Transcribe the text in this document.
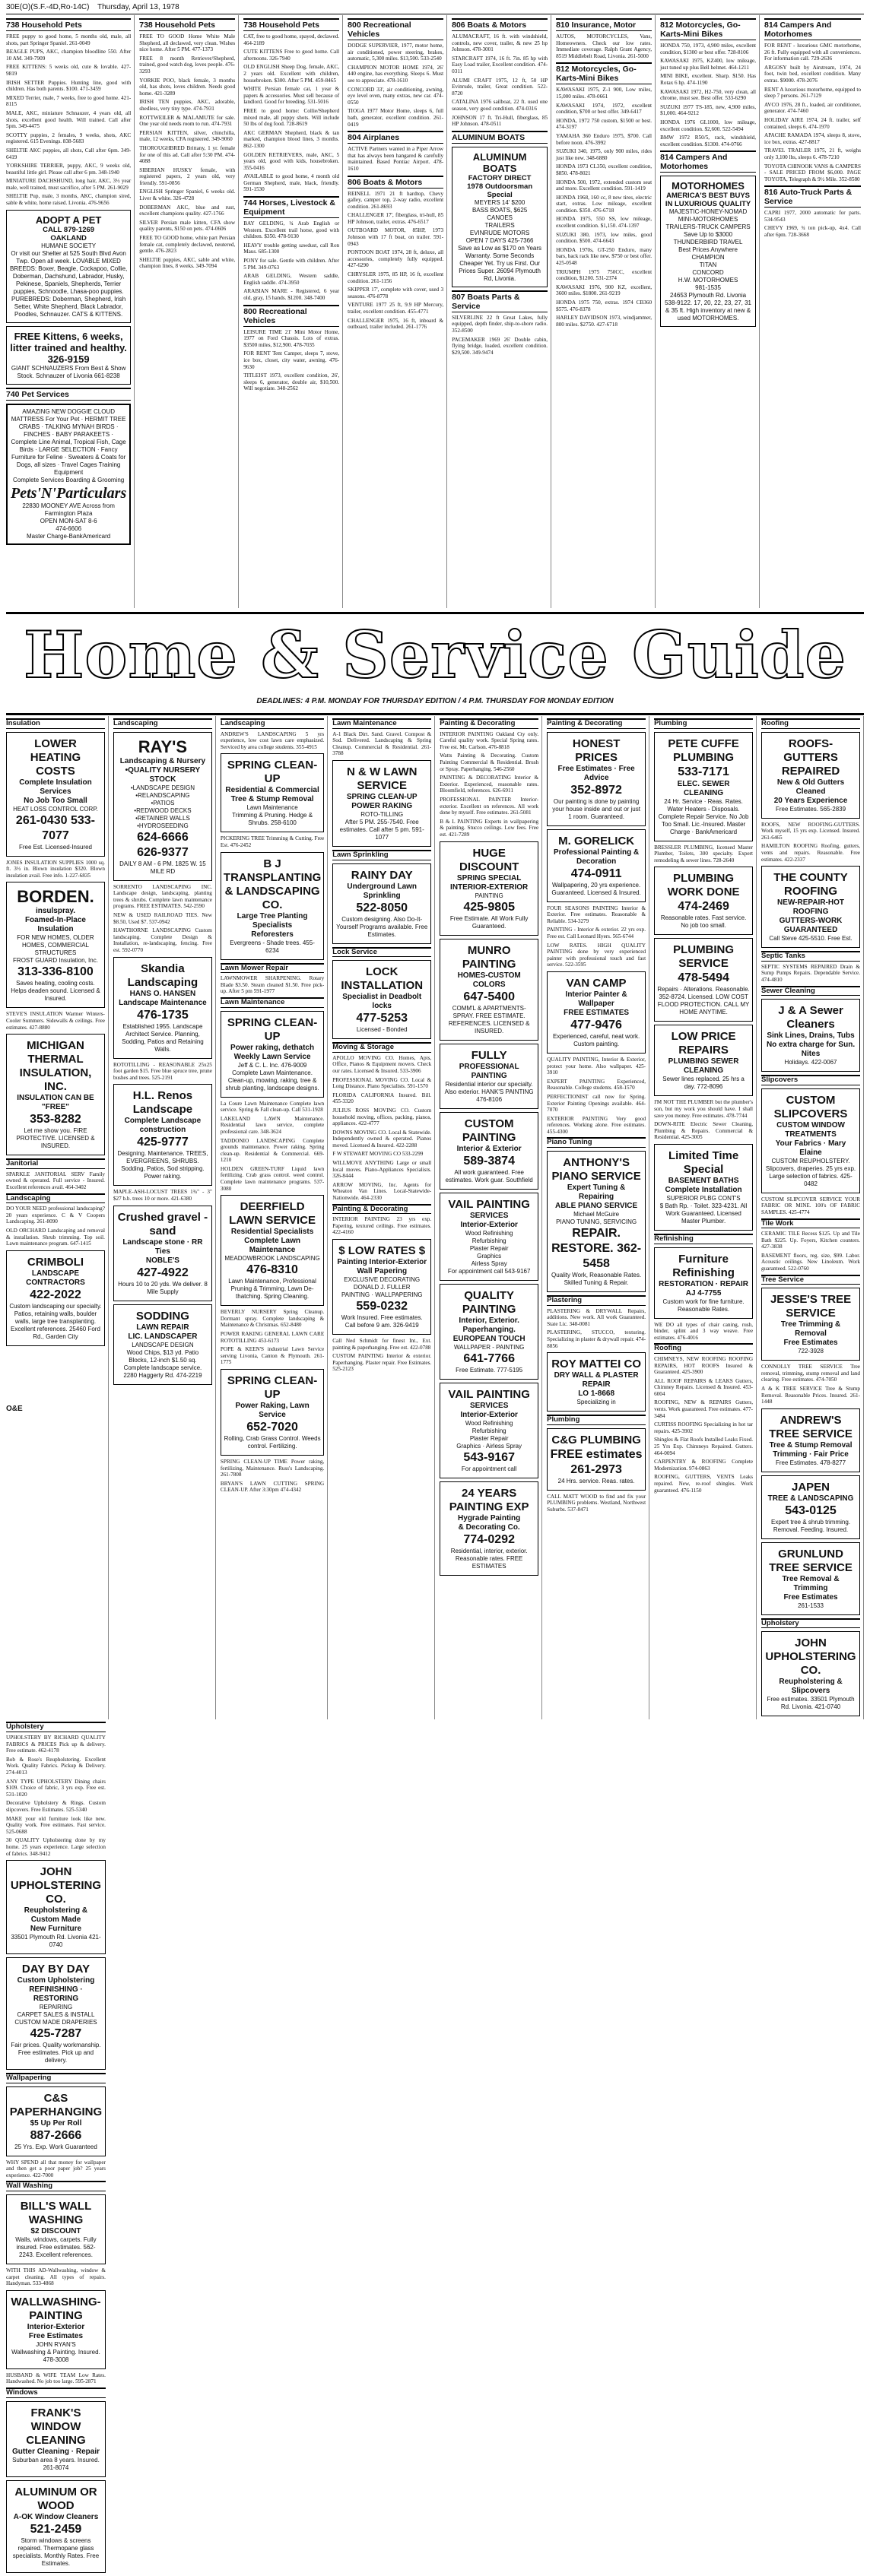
30E(O)(S.F.-4D,Ro-14C) Thursday, April 13, 1978
738 Household Pets
FREE puppy to good home, 5 months old, male, all shots, part Springer Spaniel. 261-0049
BEAGLE PUPS, AKC, champion bloodline 550. After 10 AM. 349-7909
FREE KITTENS: 5 weeks old, cute & lovable. 427-9819
IRISH SETTER Puppies. Hunting line, good with children. Has both parents. $100. 471-3459
MIXED Terrier, male, 7 weeks, free to good home. 421-8115
MALE, AKC, miniature Schnauzer, 4 years old, all shots, excellent good health. Will trained. Call after 5pm. 349-4475
SCOTTY puppies, 2 females, 9 weeks, shots, AKC registered. 615 Evenings. 838-5683
SHELTIE AKC puppies, all shots, Call after 6pm. 349-6419
YORKSHIRE TERRIER, puppy, AKC, 9 weeks old, beautiful little girl. Please call after 6 pm. 348-1940
MINIATURE DACHSHUND, long hair, AKC, 3½ year male, well trained, must sacrifice, after 5 PM. 261-9029
SHELTIE Pup, male, 3 months, AKC, champion sired, sable & white, home raised. Livonia. 476-9656
ADOPT A PET
CALL 879-1269
OAKLAND
HUMANE SOCIETY
Or visit our Shelter at 525 South Blvd Avon Twp. Open all week. LOVABLE MIXED BREEDS: Boxer, Beagle, Cockapoo, Collie, Doberman, Dachshund, Labrador, Husky, Pekinese, Spaniels, Shepherds, Terrier puppies, Schnoodle, Lhasa-poo puppies. PUREBREDS: Doberman, Shepherd, Irish Setter, White Shepherd, Black Labrador, Poodles, Schnauzer. CATS & KITTENS.
FREE Kittens, 6 weeks, litter trained and healthy. 326-9159
GIANT SCHNAUZERS From Best & Show Stock. Schnauzer of Livonia 661-8238
740 Pet Services
AMAZING NEW DOGGIE CLOUD MATTRESS For Your Pet · HERMIT TREE CRABS · TALKING MYNAH BIRDS · FINCHES · BABY PARAKEETS · Complete Line Animal, Tropical Fish, Cage Birds · LARGE SELECTION · Fancy Furniture for Feline · Sweaters & Coats for Dogs, all sizes · Travel Cages Training Equipment
Complete Services Boarding & Grooming
Pets'N'Particulars
22830 MOONEY AVE Across from Farmington Plaza
OPEN MON-SAT 8-6
474-6606
Master Charge-BankAmericard
738 Household Pets
FREE TO GOOD Home White Male Shepherd, all declawed, very clean. Wishes nice home. After 5 PM. 477-1373
FREE 8 month Retriever/Shepherd, trained, good watch dog, loves people. 476-3293
YORKIE POO, black female, 3 months old, has shots, loves children. Needs good home. 421-3289
IRISH TEN puppies, AKC, adorable, shedless, very tiny type. 474-7931
ROTTWEILER & MALAMUTE for sale. One year old needs room to run. 474-7931
PERSIAN KITTEN, silver, chinchilla, male, 12 weeks, CFA registered. 349-9060
THOROUGHBRED Brittany, 1 yr. female for one of this ad. Call after 5:30 PM. 474-4088
SIBERIAN HUSKY female, with registered papers, 2 years old, very friendly. 591-0856
ENGLISH Springer Spaniel, 6 weeks old. Liver & white. 326-4728
DOBERMAN AKC, blue and rust, excellent champions quality. 427-1766
SILVER Persian male kitten, CFA show quality parents, $150 on pets. 474-0606
FREE TO GOOD home, white part Persian female cat, completely declawed, neutered, gentle. 476-2823
SHELTIE puppies, AKC, sable and white, champion lines, 8 weeks. 349-7094
738 Household Pets
CAT, free to good home, spayed, declawed. 464-2189
CUTE KITTENS Free to good home. Call afternoons. 326-7940
OLD ENGLISH Sheep Dog, female, AKC, 2 years old. Excellent with children, housebroken. $300. After 5 PM. 459-8465
WHITE Persian female cat, 1 year & papers & accessories. Must sell because of landlord. Good for breeding. 531-5016
FREE to good home: Collie/Shepherd mixed male, all puppy shots. Will include 50 lbs of dog food. 728-8619
AKC GERMAN Shepherd, black & tan marked, champion blood lines, 3 months. 862-1300
GOLDEN RETRIEVERS, male, AKC, 5 years old, good with kids, housebroken. 355-0416
AVAILABLE to good home, 4 month old German Shepherd, male, black, friendly. 591-1530
744 Horses, Livestock & Equipment
BAY GELDING, ¾ Arab English or Western. Excellent trail horse, good with children. $350. 478-9130
HEAVY trouble getting sawdust, call Ron Maus. 685-1300
PONY for sale. Gentle with children. After 5 PM. 349-0763
ARAB GELDING, Western saddle, English saddle. 474-3950
ARABIAN MARE - Registered, 6 year old, gray, 15 hands. $1200. 348-7400
800 Recreational Vehicles
LEISURE TIME 21' Mini Motor Home, 1977 on Ford Chassis. Lots of extras. $3500 miles, $12,900. 478-7035
FOR RENT Tent Camper, sleeps 7, stove, ice box, closet, city water, awning. 476-9630
TITLEIST 1973, excellent condition, 26', sleeps 6, generator, double air, $10,500. Will negotiate. 348-2562
800 Recreational Vehicles
DODGE SUPERVIER, 1977, motor home, air conditioned, power steering, brakes, automatic, 5,300 miles. $13,500. 533-2540
CHAMPION MOTOR HOME 1974, 26' 440 engine, has everything. Sleeps 6. Must see to appreciate. 478-1610
CONCORD 33', air conditioning, awning, eye level oven, many extras, new car. 474-0550
TIOGA 1977 Motor Home, sleeps 6, full bath, generator, excellent condition. 261-0419
804 Airplanes
ACTIVE Partners wanted in a Piper Arrow that has always been hangared & carefully maintained. Based Pontiac Airport. 478-1610
806 Boats & Motors
REINELL 1971 21 ft hardtop, Chevy galley, camper top, 2-way radio, excellent condition. 261-8693
CHALLENGER 17', fiberglass, tri-hull, 85 HP Johnson, trailer, extras. 476-6517
OUTBOARD MOTOR, 85HP, 1973 Johnson with 17 ft boat, on trailer. 591-0943
PONTOON BOAT 1974, 28 ft, deluxe, all accessories, completely fully equipped. 427-6290
CHRYSLER 1975, 85 HP, 16 ft, excellent condition. 261-1156
SKIPPER 17', complete with cover, used 3 seasons. 476-8778
VENTURE 1977 25 ft, 9.9 HP Mercury, trailer, excellent condition. 455-4771
CHALLENGER 1975, 16 ft, inboard & outboard, trailer included. 261-1776
806 Boats & Motors
ALUMACRAFT, 16 ft. with windshield, controls, new cover, trailer, & new 25 hp Johnson. 478-3001
STARCRAFT 1974, 16 ft. 7in. 85 hp with Easy Load trailer, Excellent condition. 474-0311
ALUMI CRAFT 1975, 12 ft, 50 HP Evinrude, trailer, Great condition. 522-8720
CATALINA 1976 sailboat, 22 ft. used one season, very good condition. 474-0316
JOHNSON 17 ft. Tri-Hull, fiberglass, 85 HP Johnson. 478-0511
ALUMINUM BOATS
ALUMINUM BOATS
FACTORY DIRECT
1978 Outdoorsman Special
MEYERS 14' $200
BASS BOATS, $625
CANOES
TRAILERS
EVINRUDE MOTORS
OPEN 7 DAYS 425-7366
Save as Low as $170 on Years Warranty. Some Seconds Cheaper Yet. Try us First. Our Prices Super. 26094 Plymouth Rd, Livonia.
807 Boats Parts & Service
SILVERLINE 22 ft Great Lakes, fully equipped, depth finder, ship-to-shore radio. 352-8500
PACEMAKER 1969 26' Double cabin, flying bridge, loaded, excellent condition. $29,500. 349-9474
810 Insurance, Motor
AUTOS, MOTORCYCLES, Vans, Homeowners. Check our low rates. Immediate coverage. Ralph Grant Agency, 8519 Middlebelt Road, Livonia. 261-5000
812 Motorcycles, Go-Karts-Mini Bikes
KAWASAKI 1975, Z-1 900, Low miles, 15,000 miles. 478-0661
KAWASAKI 1974, 1972, excellent condition, $700 or best offer. 349-6417
HONDA, 1972 750 custom, $1500 or best. 474-3197
YAMAHA 360 Enduro 1975, $700. Call before noon. 476-3992
SUZUKI 340, 1975, only 900 miles, rides just like new. 348-6880
HONDA 1973 CL350, excellent condition, $850. 478-8021
HONDA 500, 1972, extended custom seat and more. Excellent condition. 591-1419
HONDA 1968, 160 cc, 8 new tires, electric start, extras. Low mileage, excellent condition. $350. 476-6718
HONDA 1975, 550 SS, low mileage, excellent condition. $1,150. 474-1397
SUZUKI 380, 1973, low miles, good condition. $500. 474-6643
HONDA 1970s, GT-250 Enduro, many bars, back rack like new. $750 or best offer. 425-0548
TRIUMPH 1975 750CC, excellent condition, $1200. 531-2374
KAWASAKI 1976, 900 KZ, excellent, 3600 miles. $1800. 261-9219
HONDA 1975 750, extras. 1974 CB360 $575. 476-8378
HARLEY DAVIDSON 1973, windjammer, 800 miles. $2750. 427-6718
812 Motorcycles, Go-Karts-Mini Bikes
HONDA 750, 1973, 4,900 miles, excellent condition, $1300 or best offer. 728-8106
KAWASAKI 1975, KZ400, low mileage, just tuned up plus Bell helmet. 464-1211
MINI BIKE, excellent. Sharp. $150. Has Rotax 6 hp. 474-1190
KAWASAKI 1972, H2-750, very clean, all chrome, must see. Best offer. 533-6290
SUZUKI 1977 TS-185, new, 4,900 miles, $1,000. 464-9212
HONDA 1976 GL1000, low mileage, excellent condition. $2,600. 522-5494
BMW 1972 R50/5, rack, windshield, excellent condition. $1300. 474-0766
814 Campers And Motorhomes
MOTORHOMES
AMERICA'S BEST BUYS
IN LUXURIOUS QUALITY
MAJESTIC-HONEY-NOMAD
MINI-MOTORHOMES
TRAILERS-TRUCK CAMPERS
Save Up to $3000
THUNDERBIRD TRAVEL
Best Prices Anywhere
CHAMPION
TITAN
CONCORD
H.W. MOTORHOMES
981-1535
24653 Plymouth Rd. Livonia 538-9122. 17, 20, 22, 23, 27, 31 & 35 ft. High inventory at new & used MOTORHOMES.
814 Campers And Motorhomes
FOR RENT - luxurious GMC motorhome, 26 ft. Fully equipped with all conveniences. For information call. 729-2636
ARGOSY built by Airstream, 1974, 24 foot, twin bed, excellent condition. Many extras. $9000. 478-2076
RENT A luxurious motorhome, equipped to sleep 7 persons. 261-7129
AVCO 1976, 28 ft., loaded, air conditioner, generator. 474-7460
HOLIDAY AIRE 1974, 24 ft. trailer, self contained, sleeps 6. 474-1970
APACHE RAMADA 1974, sleeps 8, stove, ice box, extras. 427-8817
TRAVEL TRAILER 1975, 21 ft, weighs only 3,100 lbs, sleeps 6. 478-7210
TOYOTA CHINOOK VANS & CAMPERS - SALE PRICED FROM $6,000. PAGE TOYOTA, Telegraph & 9½ Mile. 352-8580
816 Auto-Truck Parts & Service
CAPRI 1977, 2000 automatic for parts. 534-9543
CHEVY 1969, ¾ ton pick-up, 4x4. Call after 6pm. 728-3668
Home & Service Guide
DEADLINES: 4 P.M. MONDAY FOR THURSDAY EDITION / 4 P.M. THURSDAY FOR MONDAY EDITION
Insulation
LOWER HEATING COSTS
Complete Insulation Services
No Job Too Small
HEAT LOSS CONTROL CORP.
261-0430 533-7077
Free Est. Licensed-Insured
JONES INSULATION SUPPLIES 1000 sq. ft. 3½ in. Blown insulation $320. Blown insulation avail. Free info. 1-227-6835
BORDEN.
insulspray.
Foamed-In-Place Insulation
FOR NEW HOMES, OLDER HOMES, COMMERCIAL STRUCTURES
FROST GUARD Insulation, Inc.
313-336-8100
Saves heating, cooling costs. Helps deaden sound. Licensed & Insured.
STEVE'S INSULATION Warmer Winters-Cooler Summers. Sidewalls & ceilings. Free estimates. 427-8880
MICHIGAN THERMAL INSULATION, INC.
INSULATION CAN BE "FREE"
353-8282
Let me show you. FIRE PROTECTIVE. LICENSED & INSURED.
Janitorial
SPARKLE JANITORIAL SERV Family owned & operated. Full service - Insured. Excellent references avail. 464-3402
Landscaping
DO YOUR NEED professional landscaping? 20 years experience. C & V Coopers Landscaping. 261-8090
OLD ORCHARD Landscaping and removal & installation. Shrub trimming. Top soil. Lawn maintenance program. 647-1415
CRIMBOLI
LANDSCAPE CONTRACTORS
422-2022
Custom landscaping our specialty. Patios, retaining walls, boulder walls, large tree transplanting. Excellent references. 25460 Ford Rd., Garden City
Landscaping
RAY'S
Landscaping & Nursery
•QUALITY NURSERY STOCK
•LANDSCAPE DESIGN
•RELANDSCAPING
•PATIOS
•REDWOOD DECKS
•RETAINER WALLS
•HYDROSEEDING
624-6666
626-9377
DAILY 8 AM - 6 PM. 1825 W. 15 MILE RD
SORRENTO LANDSCAPING INC. Landscape design, landscaping, planting trees & shrubs. Complete lawn maintenance programs. FREE ESTIMATES. 542-2590
NEW & USED RAILROAD TIES. New $8.50, Used $7. 537-0942
HAWTHORNE LANDSCAPING Custom landscaping. Complete Design & Installation, re-landscaping, fencing. Free est. 592-0770
Skandia Landscaping
HANS O. HANSEN
Landscape Maintenance
476-1735
Established 1955. Landscape Architect Service. Planning, Sodding, Patios and Retaining Walls.
ROTOTILLING - REASONABLE 25x25 foot garden $15. Free blue spruce tree, prune bushes and trees. 525-2191
H.L. Renos Landscape
Complete Landscape construction
425-9777
Designing. Maintenance. TREES, EVERGREENS, SHRUBS. Sodding, Patios, Sod stripping. Power raking.
MAPLE-ASH-LOCUST TREES 1¾" - 3" $27 b.b. trees 10 or more. 421-6380
Crushed gravel - sand
Landscape stone · RR Ties
NOBLE'S
427-4922
Hours 10 to 20 yds. We deliver. 8 Mile Supply
SODDING
LAWN REPAIR
LIC. LANDSCAPER
LANDSCAPE DESIGN
Wood Chips, $13 yd. Patio Blocks, 12-inch $1.50 sq. Complete landscape service. 2280 Haggerty Rd. 474-2219
Landscaping
ANDREW'S LANDSCAPING 5 yrs experience, low cost lawn care emphasized. Serviced by area college students. 355-4915
SPRING CLEAN-UP
Residential & Commercial
Tree & Stump Removal
Lawn Maintenance
Trimming & Pruning. Hedge & Shrubs. 258-6100
PICKERING TREE Trimming & Cutting. Free Est. 476-2452
B J TRANSPLANTING & LANDSCAPING CO.
Large Tree Planting Specialists
Reforesters
Evergreens - Shade trees. 455-6234
Lawn Mower Repair
LAWNMOWER SHARPENING. Rotary Blade $3.50. Steam cleaned $1.50. Free pick-up. After 5 pm 591-1977
Lawn Maintenance
SPRING CLEAN-UP
Power raking, dethatch
Weekly Lawn Service
Jeff & C. L. Inc. 476-9009
Complete Lawn Maintenance. Clean-up, mowing, raking, tree & shrub planting, landscape designs.
La Coure Lawn Maintenance Complete lawn service. Spring & Fall clean-up. Call 531-1928
LAKELAND LAWN Maintenance. Residential lawn service, complete professional care. 348-3624
TADDONIO LANDSCAPING Complete grounds maintenance. Power raking. Spring clean-up. Residential & Commercial. 669-1210
HOLDEN GREEN-TURF Liquid lawn fertilizing. Crab grass control. weed control. Complete lawn maintenance programs. 537-3080
DEERFIELD LAWN SERVICE
Residential Specialists
Complete Lawn Maintenance
MEADOWBROOK LANDSCAPING
476-8310
Lawn Maintenance, Professional Pruning & Trimming, Lawn De-thatching. Spring Cleaning.
BEVERLY NURSERY Spring Cleanup. Dormant spray. Complete landscaping & Maintenance & Christmas. 652-8480
POWER RAKING GENERAL LAWN CARE ROTOTILLING 453-6173
POPE & KEEN'S industrial Lawn Service serving Livonia, Canton & Plymouth. 261-1775
SPRING CLEAN-UP
Power Raking, Lawn Service
652-7020
Rolling, Crab Grass Control. Weeds control. Fertilizing.
SPRING CLEAN-UP TIME Power raking, fertilizing, Maintenance. Russ's Landscaping. 261-7808
BRYAN'S LAWN CUTTING SPRING CLEAN-UP. After 3:30pm 474-4342
Lawn Maintenance
A-1 Black Dirt. Sand. Gravel. Compost & Sod. Delivered. Landscaping & Spring Cleanup. Commercial & Residential. 261-3788
N & W LAWN SERVICE
SPRING CLEAN-UP
POWER RAKING
ROTO-TILLING
After 5 PM. 255-7540. Free estimates. Call after 5 pm. 591-1077
Lawn Sprinkling
RAINY DAY
Underground Lawn Sprinkling
522-8050
Custom designing. Also Do-It-Yourself Programs available. Free Estimates.
Lock Service
LOCK INSTALLATION
Specialist in Deadbolt locks
477-5253
Licensed - Bonded
Moving & Storage
APOLLO MOVING CO. Homes, Apts, Office, Pianos & Equipment movers. Check our rates. Licensed & Insured. 533-3906
PROFESSIONAL MOVING CO. Local & Long Distance. Piano Specialists. 591-1570
FLORIDA CALIFORNIA Insured. Bill. 455-3320
JULIUS ROSS MOVING CO. Custom household moving, offices, packing, pianos, appliances. 422-4777
DOWNS MOVING CO. Local & Statewide. Independently owned & operated. Pianos moved. Licensed & Insured. 422-2288
F W STEWART MOVING CO 533-2299
WILLMOVE ANYTHING Large or small local moves. Piano-Appliances Specialists. 326-8444
ARROW MOVING, Inc. Agents for Wheaton Van Lines. Local-Statewide-Nationwide. 464-2330
Painting & Decorating
INTERIOR PAINTING 23 yrs exp. Papering, textured ceilings. Free estimates. 422-4160
$ LOW RATES $
Painting Interior-Exterior
Wall Papering
EXCLUSIVE DECORATING
DONALD J. FULLER
PAINTING · WALLPAPERING
559-0232
Work Insured. Free estimates. Call before 9 am. 326-9419
Call Ned Schmidt for finest Int., Ext. painting & paperhanging. Free est. 422-0788
CUSTOM PAINTING Interior & exterior. Paperhanging. Plaster repair. Free Estimates. 525-2123
Painting & Decorating
INTERIOR PAINTING Oakland Cty only. Careful quality work. Special Spring rates. Free est. Mr. Carlson. 476-8818
Watts Painting & Decorating. Custom Painting Commercial & Residential. Brush or Spray. Paperhanging. 546-2560
PAINTING & DECORATING Interior & Exterior. Experienced, reasonable rates. Bloomfield, references. 626-6911
PROFESSIONAL PAINTER Interior-exterior. Excellent on references. All work done by myself. Free estimates. 261-5081
B & L PAINTING Experts in wallpapering & painting. Stucco ceilings. Low fees. Free est. 421-7289
HUGE DISCOUNT
SPRING SPECIAL
INTERIOR-EXTERIOR
PAINTING
425-9805
Free Estimate. All Work Fully Guaranteed.
MUNRO PAINTING
HOMES-CUSTOM COLORS
647-5400
COMM'L & APARTMENTS-SPRAY. FREE ESTIMATE. REFERENCES. LICENSED & INSURED.
FULLY
PROFESSIONAL
PAINTING
Residential interior our specialty. Also exterior. HANK'S PAINTING 476-8106
CUSTOM PAINTING
Interior & Exterior
589-3874
All work guaranteed. Free estimates. Work guar. Southfield
VAIL PAINTING
SERVICES
Interior-Exterior
Wood Refinishing
Refurbishing
Plaster Repair
Graphics
Airless Spray
For appointment call 543-9167
QUALITY PAINTING
Interior, Exterior. Paperhanging.
EUROPEAN TOUCH
WALLPAPER - PAINTING
641-7766
Free Estimate. 777-5195
VAIL PAINTING
SERVICES
Interior-Exterior
Wood Refinishing
Refurbishing
Plaster Repair
Graphics · Airless Spray
543-9167
For appointment call
24 YEARS PAINTING EXP
Hygrade Painting
& Decorating Co.
774-0292
Residential, interior, exterior. Reasonable rates. FREE ESTIMATES
Painting & Decorating
HONEST PRICES
Free Estimates · Free Advice
352-8972
Our painting is done by painting your house inside and out or just 1 room. Guaranteed.
M. GORELICK
Professional Painting & Decoration
474-0911
Wallpapering, 20 yrs experience. Guaranteed. Licensed & Insured.
FOUR SEASONS PAINTING Interior & Exterior. Free estimates. Reasonable & Reliable. 534-3279
PAINTING - Interior & exterior. 22 yrs exp. Free est. Call Leonard Hyers. 565-6744
LOW RATES. HIGH QUALITY PAINTING done by very experienced painter with professional touch and fast service. 522-3595
VAN CAMP
Interior Painter & Wallpaper
FREE ESTIMATES
477-9476
Experienced, careful, neat work. Custom painting.
QUALITY PAINTING, Interior & Exterior, protect your home. Also wallpaper. 425-3910
EXPERT PAINTING Experienced, Reasonable. College students. 458-1570
PERFECTIONIST call now for Spring. Exterior Painting Openings available. 464-7070
EXTERIOR PAINTING Very good references. Working alone. Free estimates. 455-4300
Piano Tuning
ANTHONY'S PIANO SERVICE
Expert Tuning & Repairing
ABLE PIANO SERVICE
Michael McGuire
PIANO TUNING, SERVICING
REPAIR. RESTORE. 362-5458
Quality Work, Reasonable Rates. Skilled Tuning & Repair.
Plastering
PLASTERING & DRYWALL Repairs, additions. New work. All work Guaranteed. State Lic. 348-0081
PLASTERING, STUCCO, texturing. Specializing in plaster & drywall repair. 474-8856
ROY MATTEI CO
DRY WALL & PLASTER REPAIR
LO 1-8668
Specializing in
Plumbing
C&G PLUMBING
FREE estimates 261-2973
24 Hrs. service. Reas. rates.
CALL MATT WOOD to find and fix your PLUMBING problems. Westland, Northwest Suburbs. 537-8471
Plumbing
PETE CUFFE PLUMBING
533-7171
ELEC. SEWER CLEANING
24 Hr. Service · Reas. Rates. Water Heaters - Disposals. Complete Repair Service. No Job Too Small. Lic.-Insured. Master Charge · BankAmericard
BRESSLER PLUMBING, licensed Master Plumber, Toilets, 300 specialty. Expert remodeling & sewer lines. 728-2640
PLUMBING WORK DONE
474-2469
Reasonable rates. Fast service. No job too small.
PLUMBING SERVICE
478-5494
Repairs · Alterations. Reasonable. 352-8724. Licensed. LOW COST FLOOD PROTECTION. CALL MY HOME ANYTIME.
LOW PRICE REPAIRS
PLUMBING SEWER CLEANING
Sewer lines replaced. 25 hrs a day. 772-8096
I'M NOT THE PLUMBER but the plumber's son, but my work you should have. I shall save you money. Free estimates. 478-7744
DOWN-RITE Electric Sewer Cleaning, Plumbing & Repairs. Commercial & Residential. 425-3005
Limited Time Special
BASEMENT BATHS
Complete Installation
SUPERIOR PLBG CONT'S
$ Bath Rp. · Toilet. 323-4231. All Work Guaranteed. Licensed Master Plumber.
Refinishing
Furniture Refinishing
RESTORATION · REPAIR
AJ 4-7755
Custom work for fine furniture. Reasonable Rates.
WE DO all types of chair caning, rush, binder, splint and 3 way weave. Free estimates. 476-4016
Roofing
CHIMNEYS, NEW ROOFING ROOFING REPAIRS, HOT ROOFS Insured & Guaranteed. 425-3900
ALL ROOF REPAIRS & LEAKS Gutters, Chimney Repairs. Licensed & Insured. 453-6004
ROOFING, NEW & REPAIRS Gutters, vents. Work guaranteed. Free estimates. 477-3484
CURTISS ROOFING Specializing in hot tar repairs. 425-3902
Shingles & Flat Roofs Installed Leaks Fixed. 25 Yrs Exp. Chimneys Repaired. Gutters. 464-0094
CARPENTRY & ROOFING Complete Modernization. 974-0863
ROOFING, GUTTERS, VENTS Leaks repaired. New, re-roof shingles. Work guaranteed. 476-1150
Roofing
ROOFS-GUTTERS REPAIRED
New & Old Gutters Cleaned
20 Years Experience
Free Estimates. 565-2839
ROOFS, NEW ROOFING-GUTTERS. Work myself, 15 yrs exp. Licensed. Insured. 261-6465
HAMILTON ROOFING Roofing, gutters, vents and repairs. Reasonable. Free estimates. 422-2337
THE COUNTY ROOFING
NEW-REPAIR-HOT ROOFING
GUTTERS-WORK GUARANTEED
Call Steve 425-5510. Free Est.
Septic Tanks
SEPTIC SYSTEMS REPAIRED Drain & Sump Pumps Repairs. Dependable Service. 474-4810
Sewer Cleaning
J & A Sewer Cleaners
Sink Lines, Drains, Tubs
No extra charge for Sun. Nites
Holidays. 422-0067
Slipcovers
CUSTOM SLIPCOVERS
CUSTOM WINDOW TREATMENTS
Your Fabrics · Mary Elaine
CUSTOM REUPHOLSTERY. Slipcovers, draperies. 25 yrs exp. Large selection of fabrics. 425-0482
CUSTOM SLIPCOVER SERVICE YOUR FABRIC OR MINE. 100's OF FABRIC SAMPLES. 425-4774
Tile Work
CERAMIC TILE Recess $125. Up and Tile Bath $225. Up. Foyers, Kitchen counters. 427-3838
BASEMENT floors, reg. size, $99. Labor. Acoustic ceilings. New Linoleum. Work guaranteed. 522-0760
Tree Service
JESSE'S TREE SERVICE
Tree Trimming & Removal
Free Estimates
722-3928
CONNOLLY TREE SERVICE Tree removal, trimming, stump removal and land clearing. Free estimates. 474-7050
A & K TREE SERVICE Tree & Stump Removal. Reasonable Prices. Insured. 261-1448
ANDREW'S TREE SERVICE
Tree & Stump Removal
Trimming · Fair Price
Free Estimates. 478-8277
JAPEN
TREE & LANDSCAPING
543-0125
Expert tree & shrub trimming. Removal. Feeding. Insured.
GRUNLUND TREE SERVICE
Tree Removal & Trimming
Free Estimates
261-1533
Upholstery
JOHN UPHOLSTERING CO.
Reupholstering & Slipcovers
Free estimates. 33501 Plymouth Rd. Livonia. 421-0740
Upholstery
UPHOLSTERY BY RICHARD QUALITY FABRICS & PRICES Pick up & delivery. Free estimate. 462-4178
Bob & Rose's Reupholstering. Excellent Work. Quality Fabrics. Pickup & Delivery. 274-4013
ANY TYPE UPHOLSTERY Dining chairs $109. Choice of fabric, 3 yrs exp. Free est. 531-1020
Decorative Upholstery & Rings. Custom slipcovers. Free Estimates. 525-5340
MAKE your old furniture look like new. Quality work. Free estimates. Fast service. 525-0688
30 QUALITY Upholstering done by my home. 25 years experience. Large selection of fabrics. 348-9412
JOHN UPHOLSTERING CO.
Reupholstering & Custom Made
New Furniture
33501 Plymouth Rd. Livonia 421-0740
DAY BY DAY
Custom Upholstering
REFINISHING · RESTORING
REPAIRING
CARPET SALES & INSTALL
CUSTOM MADE DRAPERIES
425-7287
Fair prices. Quality workmanship. Free estimates. Pick up and delivery.
Wallpapering
C&S PAPERHANGING
$5 Up Per Roll
887-2666
25 Yrs. Exp. Work Guaranteed
WHY SPEND all that money for wallpaper and then get a poor paper job? 25 years experience. 422-7000
Wall Washing
BILL'S WALL WASHING
$2 DISCOUNT
Walls, windows, carpets. Fully insured. Free estimates. 562-2243. Excellent references.
WITH THIS AD-Wallwashing, window & carpet cleaning. All types of repairs. Handyman. 533-4868
WALLWASHING-PAINTING
Interior-Exterior
Free Estimates
JOHN RYAN'S
Wallwashing & Painting. Insured. 478-3008
HUSBAND & WIFE TEAM Low Rates. Handwashed. No job too large. 595-2871
Windows
FRANK'S WINDOW CLEANING
Gutter Cleaning · Repair
Suburban area 8 years. Insured. 261-8074
ALUMINUM OR WOOD
A-OK Window Cleaners
521-2459
Storm windows & screens repaired. Thermopane glass specialists. Monthly Rates. Free Estimates.
O&E
